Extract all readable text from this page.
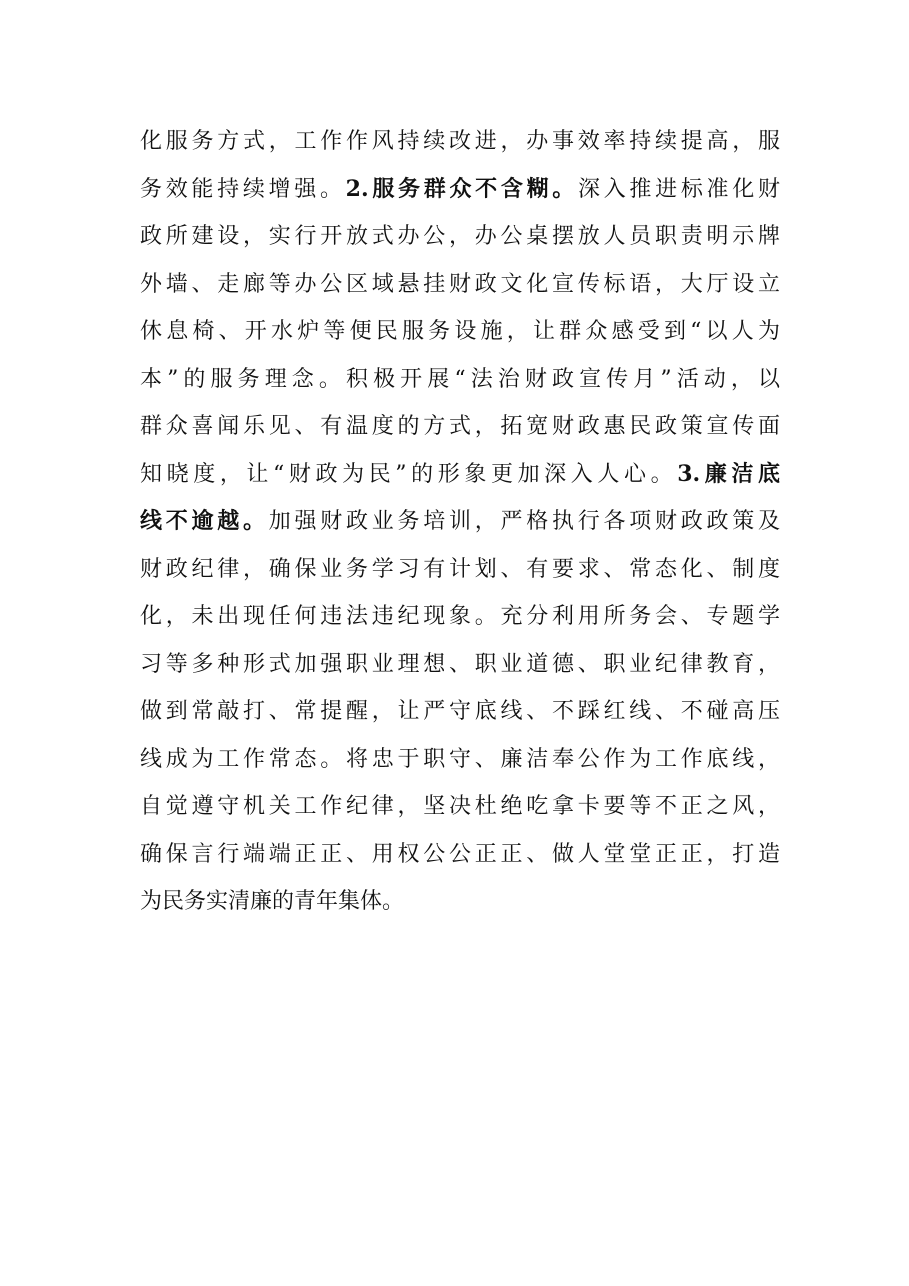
化服务方式，工作作风持续改进，办事效率持续提高，服
务效能持续增强。2.服务群众不含糊。深入推进标准化财
政所建设，实行开放式办公，办公桌摆放人员职责明示牌
外墙、走廊等办公区域悬挂财政文化宣传标语，大厅设立
休息椅、开水炉等便民服务设施，让群众感受到“以人为
本”的服务理念。积极开展“法治财政宣传月”活动，以
群众喜闻乐见、有温度的方式，拓宽财政惠民政策宣传面
知晓度，让“财政为民”的形象更加深入人心。3.廉洁底
线不逾越。加强财政业务培训，严格执行各项财政政策及
财政纪律，确保业务学习有计划、有要求、常态化、制度
化，未出现任何违法违纪现象。充分利用所务会、专题学
习等多种形式加强职业理想、职业道德、职业纪律教育，
做到常敲打、常提醒，让严守底线、不踩红线、不碰高压
线成为工作常态。将忠于职守、廉洁奉公作为工作底线，
自觉遵守机关工作纪律，坚决杜绝吃拿卡要等不正之风，
确保言行端端正正、用权公公正正、做人堂堂正正，打造
为民务实清廉的青年集体。
